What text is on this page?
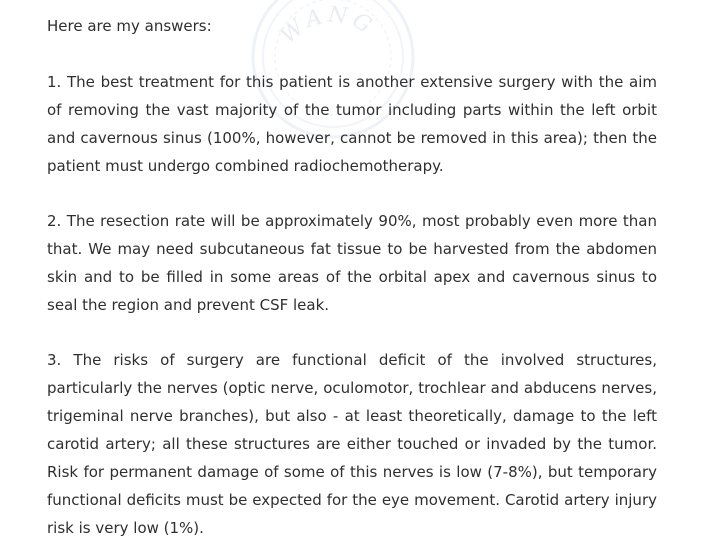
WANG
Here are my answers:

1. The best treatment for this patient is another extensive surgery with the aim of removing the vast majority of the tumor including parts within the left orbit and cavernous sinus (100%, however, cannot be removed in this area); then the patient must undergo combined radiochemotherapy.

2. The resection rate will be approximately 90%, most probably even more than that. We may need subcutaneous fat tissue to be harvested from the abdomen skin and to be filled in some areas of the orbital apex and cavernous sinus to seal the region and prevent CSF leak.

3. The risks of surgery are functional deficit of the involved structures, particularly the nerves (optic nerve, oculomotor, trochlear and abducens nerves, trigeminal nerve branches), but also - at least theoretically, damage to the left carotid artery; all these structures are either touched or invaded by the tumor. Risk for permanent damage of some of this nerves is low (7-8%), but temporary functional deficits must be expected for the eye movement. Carotid artery injury risk is very low (1%).
